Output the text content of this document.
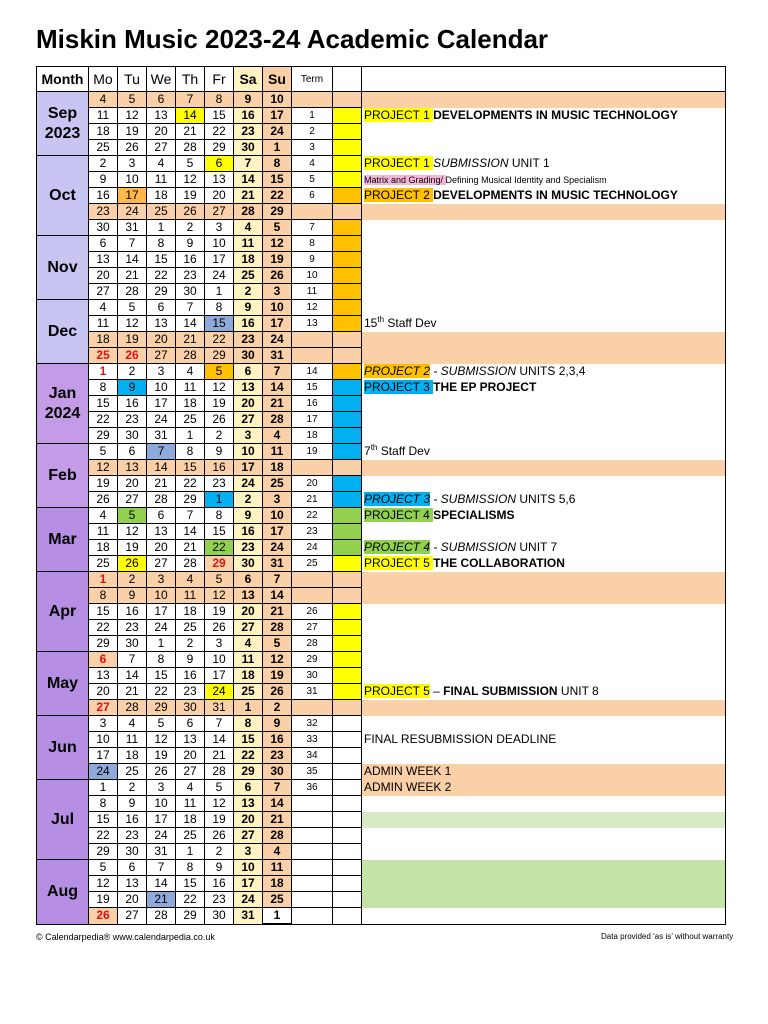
Miskin Music 2023-24 Academic Calendar
Month	Mo	Tu	We	Th	Fr	Sa	Su	Term		
Sep
2023	4	5	6	7	8	9	10			
	11	12	13	14	15	16	17	1		PROJECT 1 DEVELOPMENTS IN MUSIC TECHNOLOGY
	18	19	20	21	22	23	24	2		
	25	26	27	28	29	30	1	3		
Oct	2	3	4	5	6	7	8	4		PROJECT 1 SUBMISSION UNIT 1
	9	10	11	12	13	14	15	5		Matrix and Grading/ Defining Musical Identity and Specialism
	16	17	18	19	20	21	22	6		PROJECT 2 DEVELOPMENTS IN MUSIC TECHNOLOGY
	23	24	25	26	27	28	29			
	30	31	1	2	3	4	5	7		
Nov	6	7	8	9	10	11	12	8		
	13	14	15	16	17	18	19	9		
	20	21	22	23	24	25	26	10		
	27	28	29	30	1	2	3	11		
Dec	4	5	6	7	8	9	10	12		
	11	12	13	14	15	16	17	13		15th Staff Dev
	18	19	20	21	22	23	24			
	25	26	27	28	29	30	31			
Jan
2024	1	2	3	4	5	6	7	14		PROJECT 2 - SUBMISSION UNITS 2,3,4
	8	9	10	11	12	13	14	15		PROJECT 3 THE EP PROJECT
	15	16	17	18	19	20	21	16		
	22	23	24	25	26	27	28	17		
	29	30	31	1	2	3	4	18		
Feb	5	6	7	8	9	10	11	19		7th Staff Dev
	12	13	14	15	16	17	18			
	19	20	21	22	23	24	25	20		
	26	27	28	29	1	2	3	21		PROJECT 3 - SUBMISSION UNITS 5,6
Mar	4	5	6	7	8	9	10	22		PROJECT 4 SPECIALISMS
	11	12	13	14	15	16	17	23		
	18	19	20	21	22	23	24	24		PROJECT 4 - SUBMISSION UNIT 7
	25	26	27	28	29	30	31	25		PROJECT 5 THE COLLABORATION
Apr	1	2	3	4	5	6	7			
	8	9	10	11	12	13	14			
	15	16	17	18	19	20	21	26		
	22	23	24	25	26	27	28	27		
	29	30	1	2	3	4	5	28		
May	6	7	8	9	10	11	12	29		
	13	14	15	16	17	18	19	30		
	20	21	22	23	24	25	26	31		PROJECT 5 – FINAL SUBMISSION UNIT 8
	27	28	29	30	31	1	2			
Jun	3	4	5	6	7	8	9	32		
	10	11	12	13	14	15	16	33		FINAL RESUBMISSION DEADLINE
	17	18	19	20	21	22	23	34		
	24	25	26	27	28	29	30	35		ADMIN WEEK 1
Jul	1	2	3	4	5	6	7	36		ADMIN WEEK 2
	8	9	10	11	12	13	14			
	15	16	17	18	19	20	21			
	22	23	24	25	26	27	28			
	29	30	31	1	2	3	4			
Aug	5	6	7	8	9	10	11			
	12	13	14	15	16	17	18			
	19	20	21	22	23	24	25			
	26	27	28	29	30	31	1			
© Calendarpedia® www.calendarpedia.co.uk	Data provided ‘as is’ without warranty
